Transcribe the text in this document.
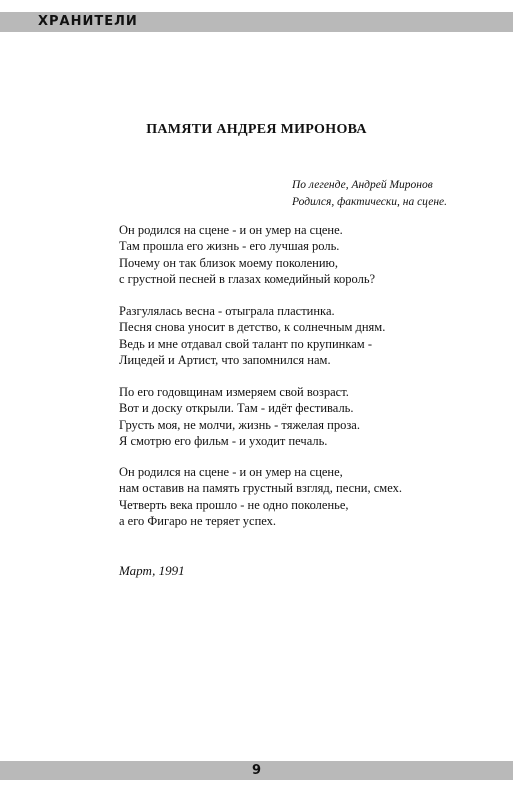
ХРАНИТЕЛИ
ПАМЯТИ АНДРЕЯ МИРОНОВА
По легенде, Андрей Миронов
Родился, фактически, на сцене.
Он родился на сцене - и он умер на сцене.
Там прошла его жизнь - его лучшая роль.
Почему он так близок моему поколению,
с грустной песней в глазах комедийный король?
Разгулялась весна - отыграла пластинка.
Песня снова уносит в детство, к солнечным дням.
Ведь и мне отдавал свой талант по крупинкам -
Лицедей и Артист, что запомнился нам.
По его годовщинам измеряем свой возраст.
Вот и доску открыли. Там - идёт фестиваль.
Грусть моя, не молчи, жизнь - тяжелая проза.
Я смотрю его фильм - и уходит печаль.
Он родился на сцене - и он умер на сцене,
нам оставив на память грустный взгляд, песни, смех.
Четверть века прошло - не одно поколенье,
а его Фигаро не теряет успех.
Март, 1991
9
